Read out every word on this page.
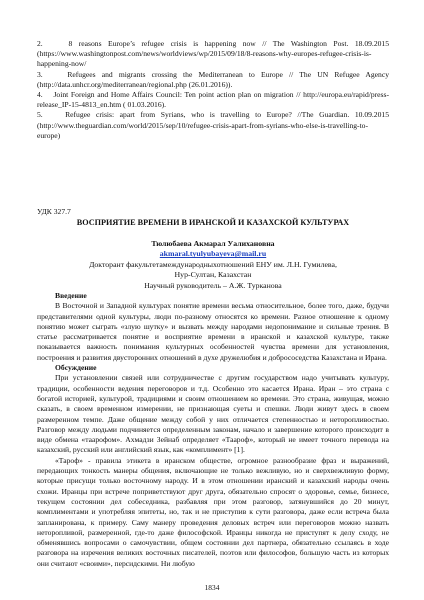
2.	8 reasons Europe’s refugee crisis is happening now // The Washington Post. 18.09.2015 (https://www.washingtonpost.com/news/worldviews/wp/2015/09/18/8-reasons-why-europes-refugee-crisis-is-happening-now/

3.	Refugees and migrants crossing the Mediterranean to Europe // The UN Refugee Agency (http://data.unhcr.org/mediterranean/regional.php (26.01.2016)).

4. Joint Foreign and Home Affairs Council: Ten point action plan on migration // http://europa.eu/rapid/press-release_IP-15-4813_en.htm ( 01.03.2016).

5.	Refugee crisis: apart from Syrians, who is travelling to Europe? //The Guardian. 10.09.2015 (http://www.theguardian.com/world/2015/sep/10/refugee-crisis-apart-from-syrians-who-else-is-travelling-to-europe)

УДК 327.7
ВОСПРИЯТИЕ ВРЕМЕНИ В ИРАНСКОЙ И КАЗАХСКОЙ КУЛЬТУРАХ
Тюлюбаева Акмарал Уалихановна
akmaral.tyulyubayeva@mail.ru
Докторант факультетамеждународныхотношений ЕНУ им. Л.Н. Гумилева,
Нур-Султан, Казахстан
Научный руководитель – А.Ж. Турканова

Введение

В Восточной и Западной культурах понятие времени весьма относительное, более того, даже, будучи представителями одной культуры, люди по-разному относятся ко времени. Разное отношение к одному понятию может сыграть «злую шутку» и вызвать между народами недопонимание и сильные трения. В статье рассматривается понятие и восприятие времени в иранской и казахской культуре, также показывается важность понимания культурных особенностей чувства времени для установления, построения и развития двусторонних отношений в духе дружелюбия и добрососедства Казахстана и Ирана.

Обсуждение

При установлении связей или сотрудничестве с другим государством надо учитывать культуру, традиции, особенности ведения переговоров и т.д. Особенно это касается Ирана. Иран – это страна с богатой историей, культурой, традициями и своим отношением ко времени. Это страна, живущая, можно сказать, в своем временном измерении, не признающая суеты и спешки. Люди живут здесь в своем размеренном темпе. Даже общение между собой у них отличается степенностью и неторопливостью. Разговор между людьми подчиняется определенным законам, начало и завершение которого происходит в виде обмена «таарофом». Ахмадзи Зейнаб определяет «Таароф», который не имеет точного перевода на казахский, русский или английский язык, как «комплимент» [1].

«Тароф» - правила этикета в иранском обществе, огромное разнообразие фраз и выражений, передающих тонкость манеры общения, включающие не только вежливую, но и сверхвежливую форму, которые присущи только восточному народу. И в этом отношении иранский и казахский народы очень схожи. Иранцы при встрече поприветствуют друг друга, обязательно спросят о здоровье, семье, бизнесе, текущем состоянии дел собеседника, разбавляя при этом разговор, затянувшийся до 20 минут, комплиментами и употребляя эпитеты, но, так и не приступив к сути разговора, даже если встреча была запланирована, к примеру. Саму манеру проведения деловых встреч или переговоров можно назвать неторопливой, размеренной, где-то даже философской. Иранцы никогда не приступят к делу сходу, не обменявшись вопросами о самочувствии, общем состоянии дел партнера, обязательно ссылаясь в ходе разговора на изречения великих восточных писателей, поэтов или философов, большую часть из которых они считают «своими», персидскими. Ни любую

1834
